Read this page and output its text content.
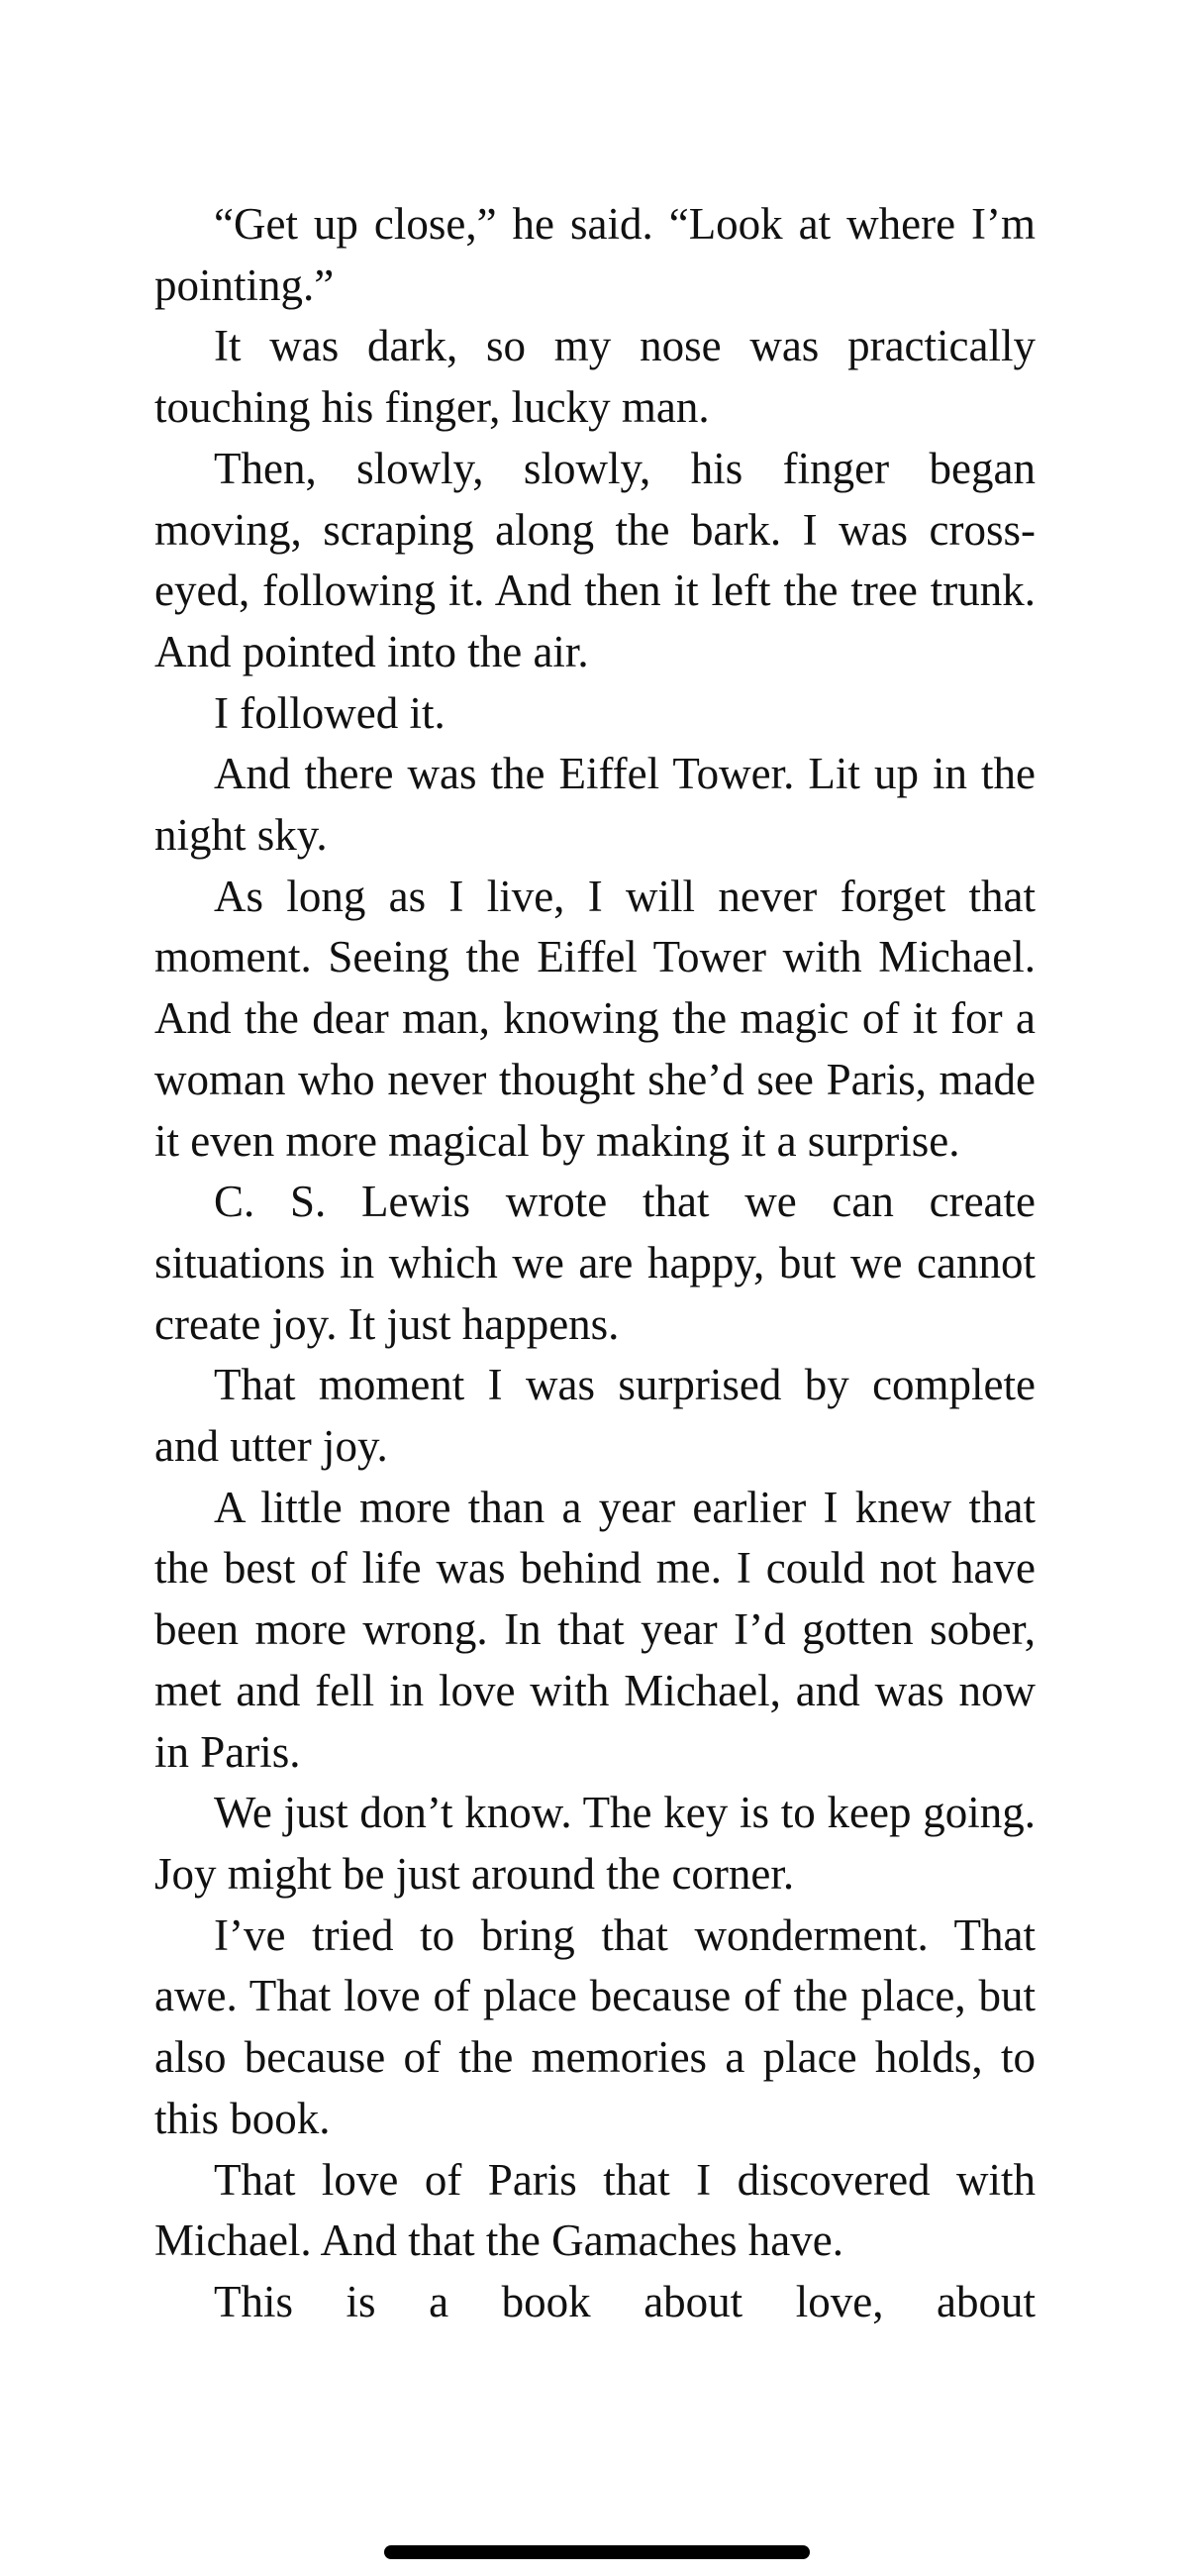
“Get up close,” he said. “Look at where I’m pointing.”

It was dark, so my nose was practically touching his finger, lucky man.

Then, slowly, slowly, his finger began moving, scraping along the bark. I was cross-eyed, following it. And then it left the tree trunk. And pointed into the air.

I followed it.

And there was the Eiffel Tower. Lit up in the night sky.

As long as I live, I will never forget that moment. Seeing the Eiffel Tower with Michael. And the dear man, knowing the magic of it for a woman who never thought she’d see Paris, made it even more magical by making it a surprise.

C. S. Lewis wrote that we can create situations in which we are happy, but we cannot create joy. It just happens.

That moment I was surprised by complete and utter joy.

A little more than a year earlier I knew that the best of life was behind me. I could not have been more wrong. In that year I’d gotten sober, met and fell in love with Michael, and was now in Paris.

We just don’t know. The key is to keep going. Joy might be just around the corner.

I’ve tried to bring that wonderment. That awe. That love of place because of the place, but also because of the memories a place holds, to this book.

That love of Paris that I discovered with Michael. And that the Gamaches have.

This is a book about love, about
